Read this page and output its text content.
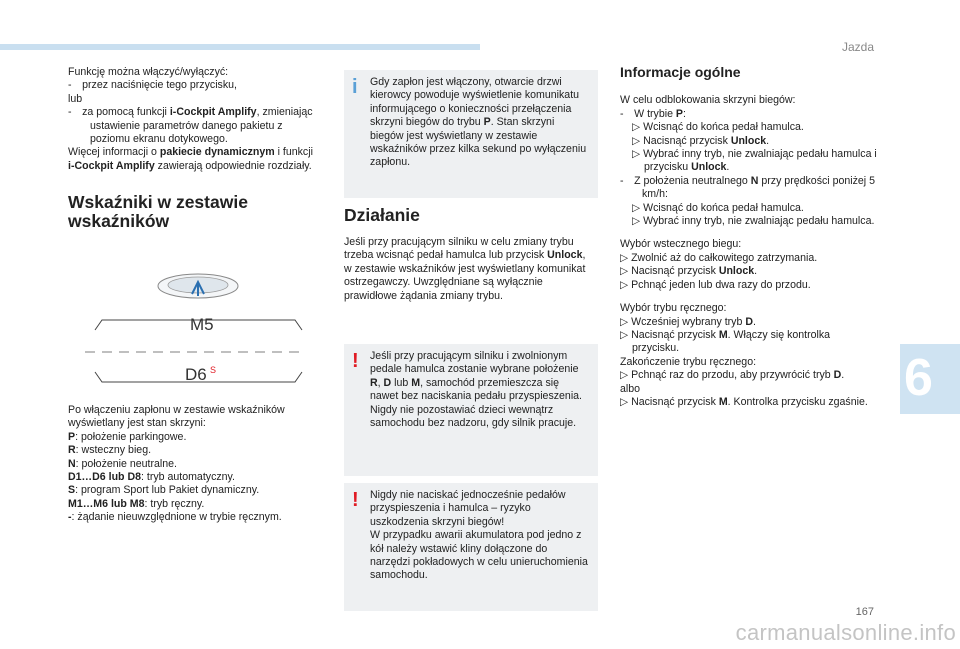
Jazda

Funkcję można włączyć/wyłączyć:

- przez naciśnięcie tego przycisku,

lub

- za pomocą funkcji i-Cockpit Amplify, zmieniając ustawienie parametrów danego pakietu z poziomu ekranu dotykowego.

Więcej informacji o pakiecie dynamicznym i funkcji i-Cockpit Amplify zawierają odpowiednie rozdziały.

Wskaźniki w zestawie wskaźników
M5
D6 S

Po włączeniu zapłonu w zestawie wskaźników wyświetlany jest stan skrzyni:

P: położenie parkingowe.

R: wsteczny bieg.

N: położenie neutralne.

D1…D6 lub D8: tryb automatyczny.

S: program Sport lub Pakiet dynamiczny.

M1…M6 lub M8: tryb ręczny.

-: żądanie nieuwzględnione w trybie ręcznym.

i Gdy zapłon jest włączony, otwarcie drzwi kierowcy powoduje wyświetlenie komunikatu informującego o konieczności przełączenia skrzyni biegów do trybu P. Stan skrzyni biegów jest wyświetlany w zestawie wskaźników przez kilka sekund po wyłączeniu zapłonu.

Działanie

Jeśli przy pracującym silniku w celu zmiany trybu trzeba wcisnąć pedał hamulca lub przycisk Unlock, w zestawie wskaźników jest wyświetlany komunikat ostrzegawczy. Uwzględniane są wyłącznie prawidłowe żądania zmiany trybu.

! Jeśli przy pracującym silniku i zwolnionym pedale hamulca zostanie wybrane położenie R, D lub M, samochód przemieszcza się nawet bez naciskania pedału przyspieszenia.

Nigdy nie pozostawiać dzieci wewnątrz samochodu bez nadzoru, gdy silnik pracuje.

! Nigdy nie naciskać jednocześnie pedałów przyspieszenia i hamulca – ryzyko uszkodzenia skrzyni biegów!

W przypadku awarii akumulatora pod jedno z kół należy wstawić kliny dołączone do narzędzi pokładowych w celu unieruchomienia samochodu.

Informacje ogólne

W celu odblokowania skrzyni biegów:

- W trybie P:

▷ Wcisnąć do końca pedał hamulca.

▷ Nacisnąć przycisk Unlock.

▷ Wybrać inny tryb, nie zwalniając pedału hamulca i przycisku Unlock.

- Z położenia neutralnego N przy prędkości poniżej 5 km/h:

▷ Wcisnąć do końca pedał hamulca.

▷ Wybrać inny tryb, nie zwalniając pedału hamulca.

Wybór wstecznego biegu:

▷ Zwolnić aż do całkowitego zatrzymania.

▷ Nacisnąć przycisk Unlock.

▷ Pchnąć jeden lub dwa razy do przodu.

Wybór trybu ręcznego:

▷ Wcześniej wybrany tryb D.

▷ Nacisnąć przycisk M. Włączy się kontrolka przycisku.

Zakończenie trybu ręcznego:

▷ Pchnąć raz do przodu, aby przywrócić tryb D.

albo

▷ Nacisnąć przycisk M. Kontrolka przycisku zgaśnie. 6
167
carmanualsonline.info
